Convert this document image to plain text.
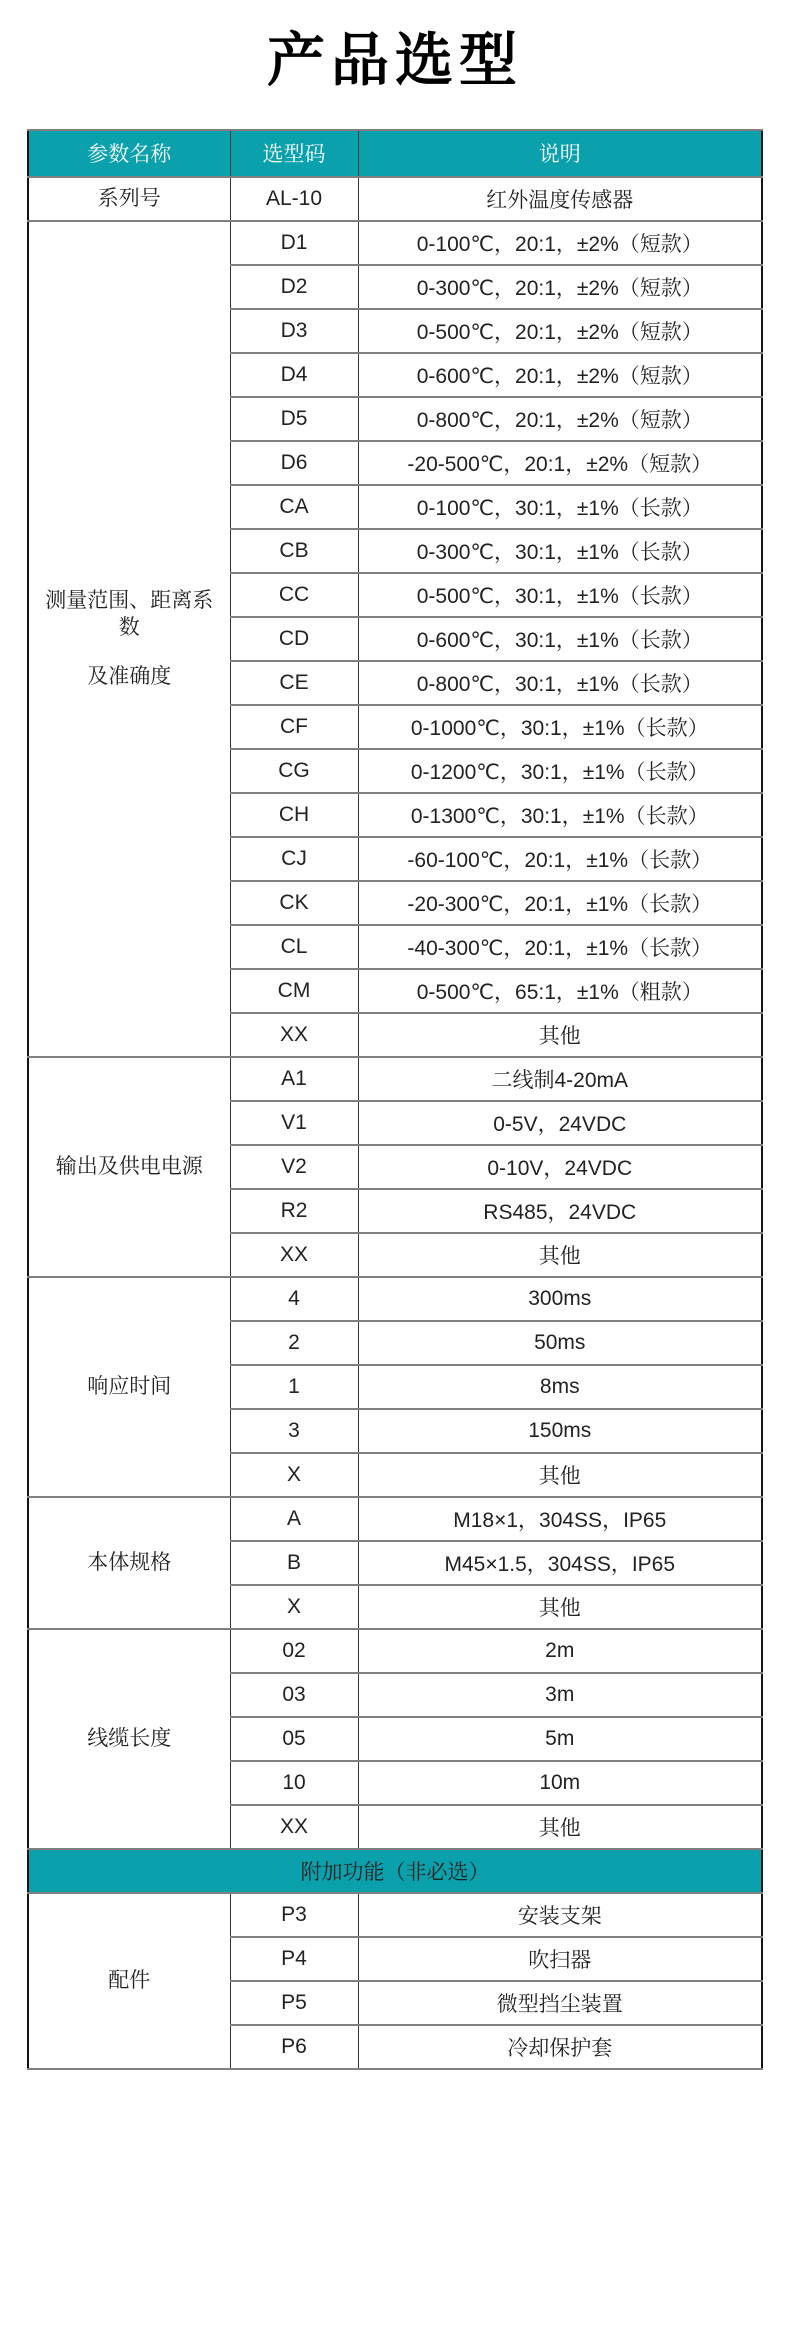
产品选型
参数名称	选型码	说明

系列号	AL-10	红外温度传感器

测量范围、距离系数
及准确度	D1	0-100℃，20:1，±2%（短款）
	D2	0-300℃，20:1，±2%（短款）
	D3	0-500℃，20:1，±2%（短款）
	D4	0-600℃，20:1，±2%（短款）
	D5	0-800℃，20:1，±2%（短款）
	D6	-20-500℃，20:1，±2%（短款）
	CA	0-100℃，30:1，±1%（长款）
	CB	0-300℃，30:1，±1%（长款）
	CC	0-500℃，30:1，±1%（长款）
	CD	0-600℃，30:1，±1%（长款）
	CE	0-800℃，30:1，±1%（长款）
	CF	0-1000℃，30:1，±1%（长款）
	CG	0-1200℃，30:1，±1%（长款）
	CH	0-1300℃，30:1，±1%（长款）
	CJ	-60-100℃，20:1，±1%（长款）
	CK	-20-300℃，20:1，±1%（长款）
	CL	-40-300℃，20:1，±1%（长款）
	CM	0-500℃，65:1，±1%（粗款）
	XX	其他

输出及供电电源	A1	二线制4-20mA
	V1	0-5V，24VDC
	V2	0-10V，24VDC
	R2	RS485，24VDC
	XX	其他

响应时间	4	300ms
	2	50ms
	1	8ms
	3	150ms
	X	其他

本体规格	A	M18×1，304SS，IP65
	B	M45×1.5，304SS，IP65
	X	其他

线缆长度	02	2m
	03	3m
	05	5m
	10	10m
	XX	其他
附加功能（非必选）		

配件	P3	安装支架
	P4	吹扫器
	P5	微型挡尘装置
	P6	冷却保护套
